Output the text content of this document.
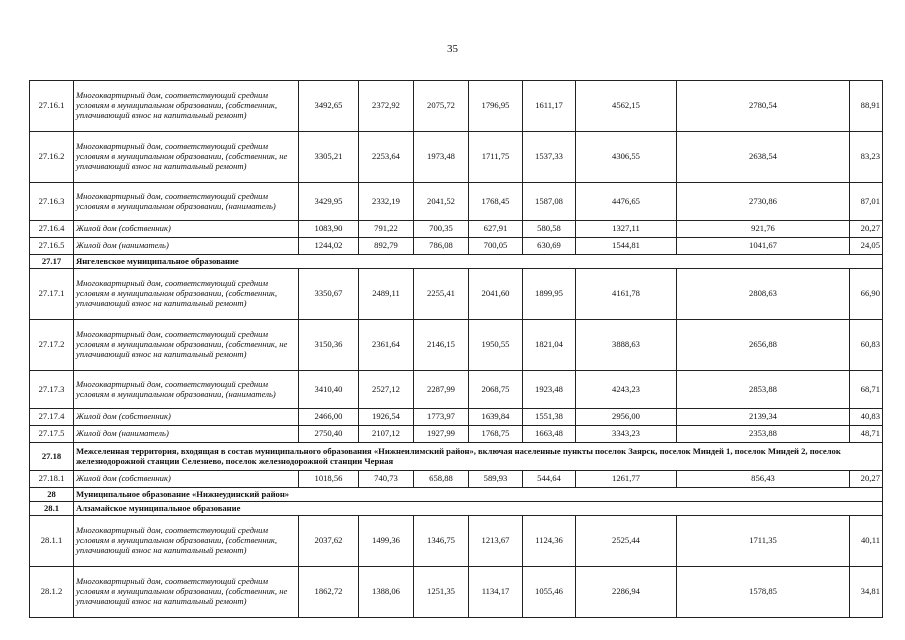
35
27.16.1	Многоквартирный дом, соответствующий средним условиям в муниципальном образовании, (собственник, уплачивающий взнос на капитальный ремонт)	3492,65	2372,92	2075,72	1796,95	1611,17	4562,15	2780,54	88,91
27.16.2	Многоквартирный дом, соответствующий средним условиям в муниципальном образовании, (собственник, не уплачивающий взнос на капитальный ремонт)	3305,21	2253,64	1973,48	1711,75	1537,33	4306,55	2638,54	83,23
27.16.3	Многоквартирный дом, соответствующий средним условиям в муниципальном образовании, (наниматель)	3429,95	2332,19	2041,52	1768,45	1587,08	4476,65	2730,86	87,01
27.16.4	Жилой дом (собственник)	1083,90	791,22	700,35	627,91	580,58	1327,11	921,76	20,27
27.16.5	Жилой дом (наниматель)	1244,02	892,79	786,08	700,05	630,69	1544,81	1041,67	24,05
27.17	Янгелевское муниципальное образование								
27.17.1	Многоквартирный дом, соответствующий средним условиям в муниципальном образовании, (собственник, уплачивающий взнос на капитальный ремонт)	3350,67	2489,11	2255,41	2041,60	1899,95	4161,78	2808,63	66,90
27.17.2	Многоквартирный дом, соответствующий средним условиям в муниципальном образовании, (собственник, не уплачивающий взнос на капитальный ремонт)	3150,36	2361,64	2146,15	1950,55	1821,04	3888,63	2656,88	60,83
27.17.3	Многоквартирный дом, соответствующий средним условиям в муниципальном образовании, (наниматель)	3410,40	2527,12	2287,99	2068,75	1923,48	4243,23	2853,88	68,71
27.17.4	Жилой дом (собственник)	2466,00	1926,54	1773,97	1639,84	1551,38	2956,00	2139,34	40,83
27.17.5	Жилой дом (наниматель)	2750,40	2107,12	1927,99	1768,75	1663,48	3343,23	2353,88	48,71
27.18	Межселенная территория, входящая в состав муниципального образования «Нижнеилимский район», включая населенные пункты поселок Заярск, поселок Миндей 1, поселок Миндей 2, поселок железнодорожной станции Селезнево, поселок железнодорожной станции Черная								
27.18.1	Жилой дом (собственник)	1018,56	740,73	658,88	589,93	544,64	1261,77	856,43	20,27
28	Муниципальное образование «Нижнеудинский район»								
28.1	Алзамайское муниципальное образование								
28.1.1	Многоквартирный дом, соответствующий средним условиям в муниципальном образовании, (собственник, уплачивающий взнос на капитальный ремонт)	2037,62	1499,36	1346,75	1213,67	1124,36	2525,44	1711,35	40,11
28.1.2	Многоквартирный дом, соответствующий средним условиям в муниципальном образовании, (собственник, не уплачивающий взнос на капитальный ремонт)	1862,72	1388,06	1251,35	1134,17	1055,46	2286,94	1578,85	34,81
